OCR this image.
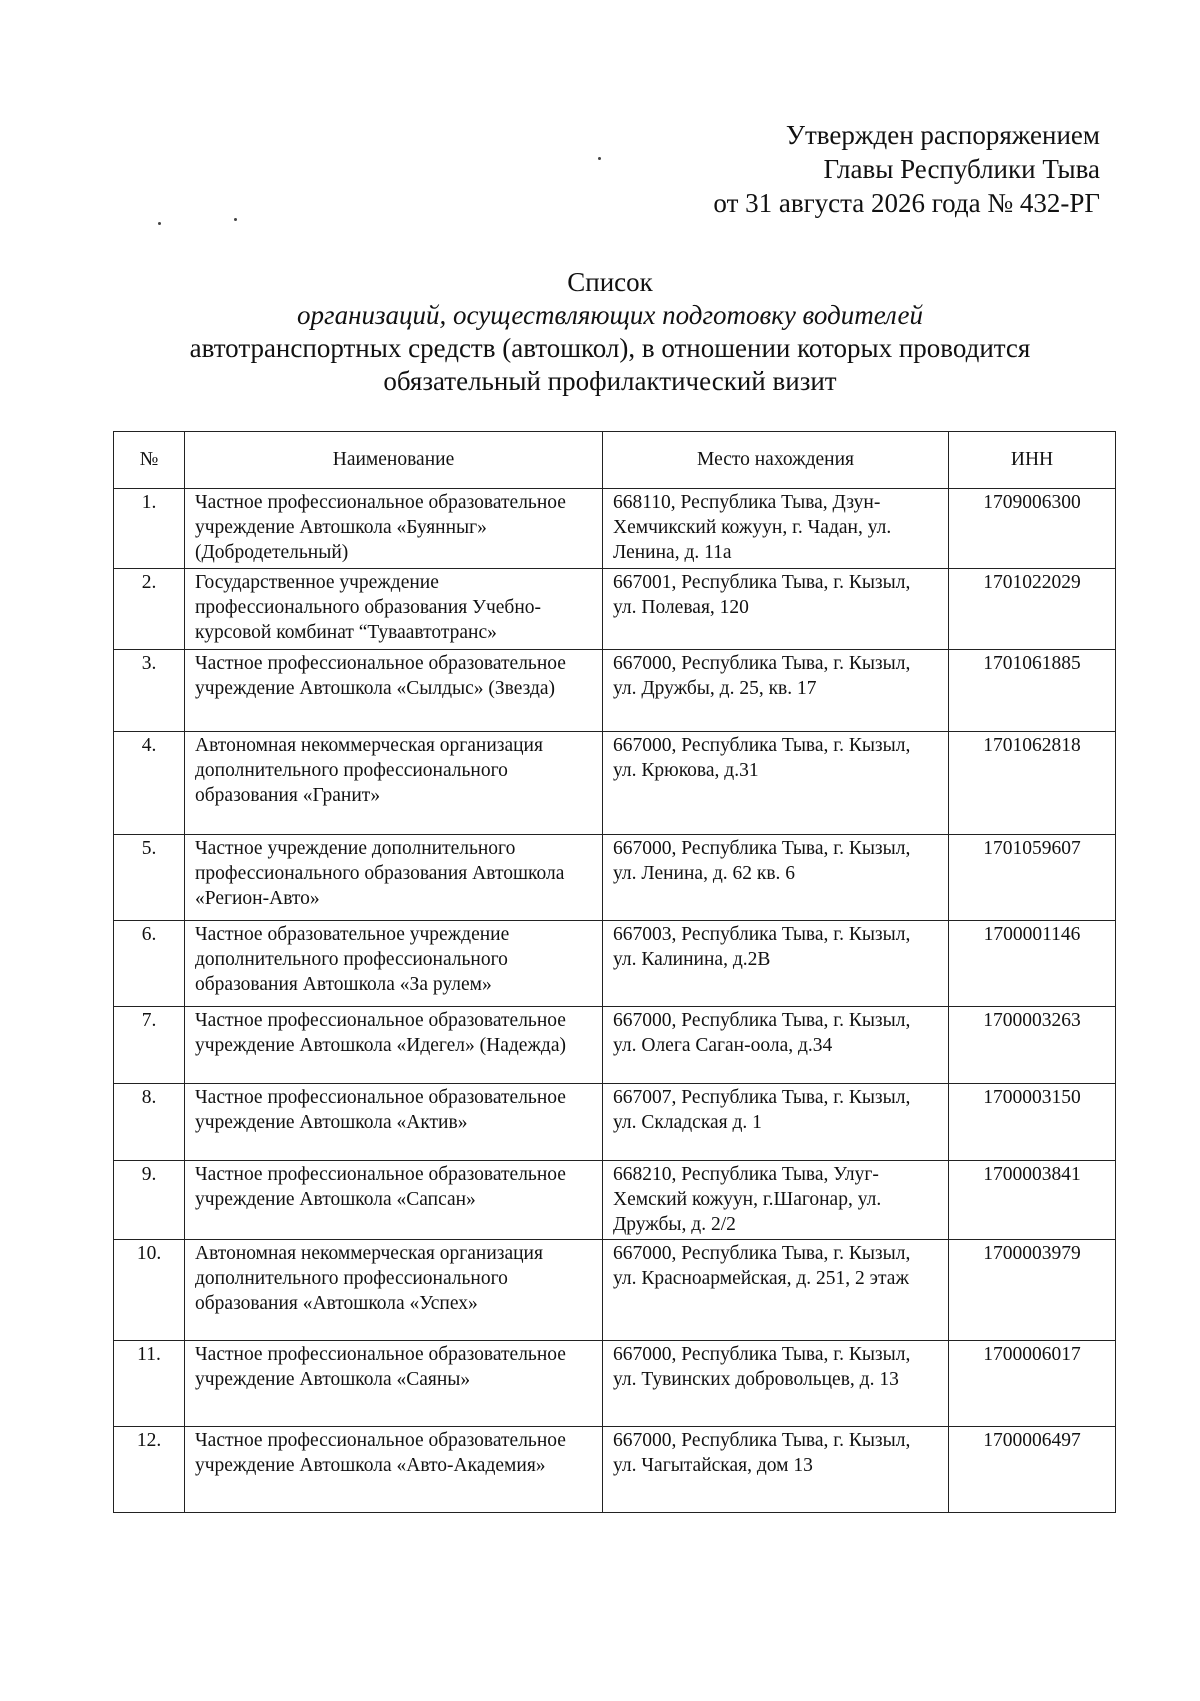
Утвержден распоряжением
Главы Республики Тыва
от 31 августа 2026 года № 432-РГ
Список
организаций, осуществляющих подготовку водителей
автотранспортных средств (автошкол), в отношении которых проводится
обязательный профилактический визит
№	Наименование	Место нахождения	ИНН
1.	Частное профессиональное образовательное учреждение Автошкола «Буянныг» (Добродетельный)	668110, Республика Тыва, Дзун-Хемчикский кожуун, г. Чадан, ул. Ленина, д. 11а	1709006300
2.	Государственное учреждение профессионального образования Учебно-курсовой комбинат “Туваавтотранс»	667001, Республика Тыва, г. Кызыл, ул. Полевая, 120	1701022029
3.	Частное профессиональное образовательное учреждение Автошкола «Сылдыс» (Звезда)	667000, Республика Тыва, г. Кызыл, ул. Дружбы, д. 25, кв. 17	1701061885
4.	Автономная некоммерческая организация дополнительного профессионального образования «Гранит»	667000, Республика Тыва, г. Кызыл, ул. Крюкова, д.31	1701062818
5.	Частное учреждение дополнительного профессионального образования Автошкола «Регион-Авто»	667000, Республика Тыва, г. Кызыл, ул. Ленина, д. 62 кв. 6	1701059607
6.	Частное образовательное учреждение дополнительного профессионального образования Автошкола «За рулем»	667003, Республика Тыва, г. Кызыл, ул. Калинина, д.2В	1700001146
7.	Частное профессиональное образовательное учреждение Автошкола «Идегел» (Надежда)	667000, Республика Тыва, г. Кызыл, ул. Олега Саган-оола, д.34	1700003263
8.	Частное профессиональное образовательное учреждение Автошкола «Актив»	667007, Республика Тыва, г. Кызыл, ул. Складская д. 1	1700003150
9.	Частное профессиональное образовательное учреждение Автошкола «Сапсан»	668210, Республика Тыва, Улуг-Хемский кожуун, г.Шагонар, ул. Дружбы, д. 2/2	1700003841
10.	Автономная некоммерческая организация дополнительного профессионального образования «Автошкола «Успех»	667000, Республика Тыва, г. Кызыл, ул. Красноармейская, д. 251, 2 этаж	1700003979
11.	Частное профессиональное образовательное учреждение Автошкола «Саяны»	667000, Республика Тыва, г. Кызыл, ул. Тувинских добровольцев, д. 13	1700006017
12.	Частное профессиональное образовательное учреждение Автошкола «Авто-Академия»	667000, Республика Тыва, г. Кызыл, ул. Чагытайская, дом 13	1700006497
